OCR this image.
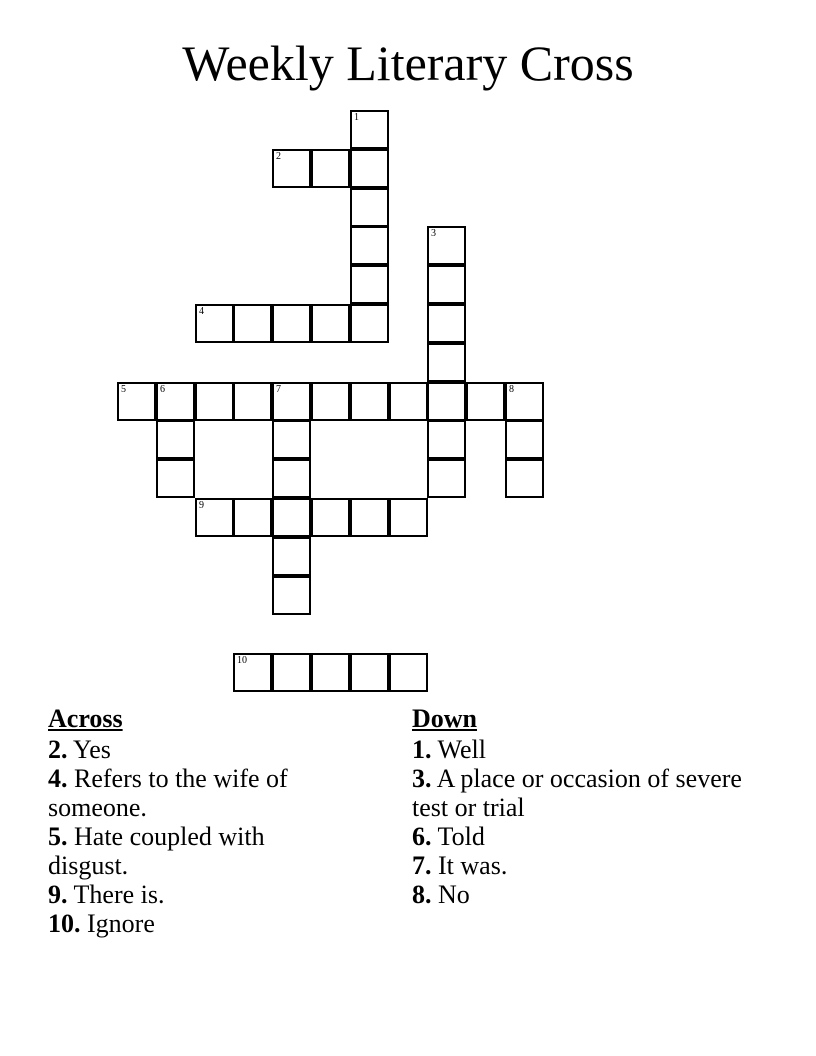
Weekly Literary Cross
1
2
3
4
5	6	7	8
9
10
Across
2. Yes
4. Refers to the wife of someone.
5. Hate coupled with disgust.
9. There is.
10. Ignore
Down
1. Well
3. A place or occasion of severe test or trial
6. Told
7. It was.
8. No
